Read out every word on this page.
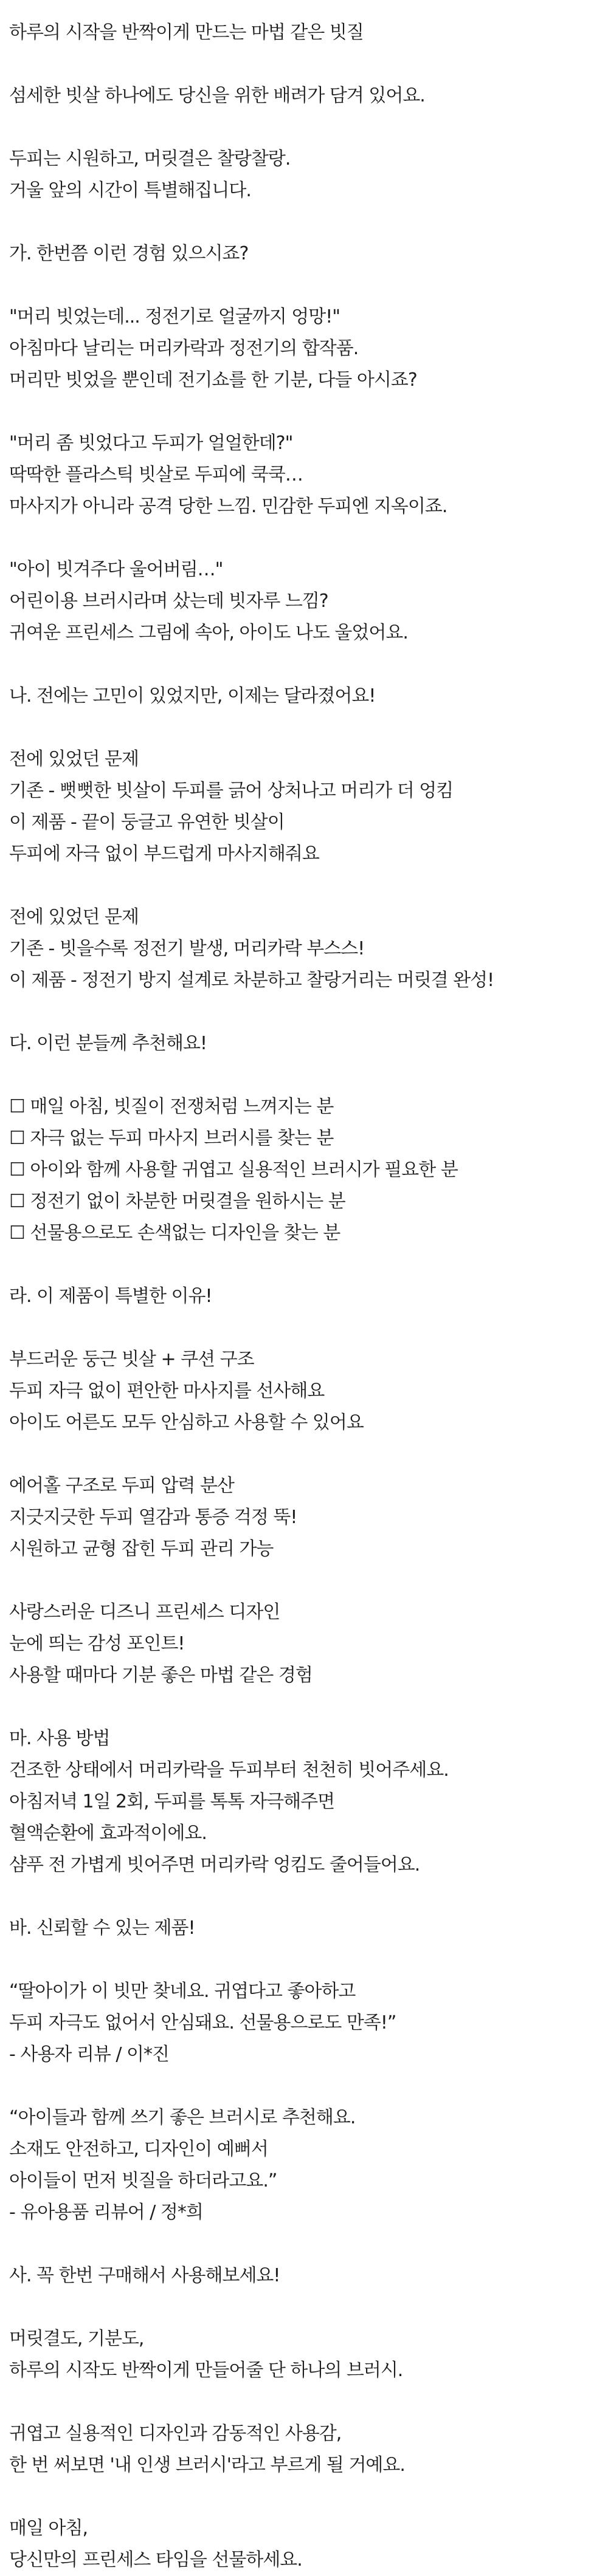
하루의 시작을 반짝이게 만드는 마법 같은 빗질
섬세한 빗살 하나에도 당신을 위한 배려가 담겨 있어요.
두피는 시원하고, 머릿결은 찰랑찰랑.
거울 앞의 시간이 특별해집니다.
가. 한번쯤 이런 경험 있으시죠?
"머리 빗었는데... 정전기로 얼굴까지 엉망!"
아침마다 날리는 머리카락과 정전기의 합작품.
머리만 빗었을 뿐인데 전기쇼를 한 기분, 다들 아시죠?
"머리 좀 빗었다고 두피가 얼얼한데?"
딱딱한 플라스틱 빗살로 두피에 쿡쿡…
마사지가 아니라 공격 당한 느낌. 민감한 두피엔 지옥이죠.
"아이 빗겨주다 울어버림…"
어린이용 브러시라며 샀는데 빗자루 느낌?
귀여운 프린세스 그림에 속아, 아이도 나도 울었어요.
나. 전에는 고민이 있었지만, 이제는 달라졌어요!
전에 있었던 문제
기존 - 뻣뻣한 빗살이 두피를 긁어 상처나고 머리가 더 엉킴
이 제품 - 끝이 둥글고 유연한 빗살이
두피에 자극 없이 부드럽게 마사지해줘요
전에 있었던 문제
기존 - 빗을수록 정전기 발생, 머리카락 부스스!
이 제품 - 정전기 방지 설계로 차분하고 찰랑거리는 머릿결 완성!
다. 이런 분들께 추천해요!
☐ 매일 아침, 빗질이 전쟁처럼 느껴지는 분
☐ 자극 없는 두피 마사지 브러시를 찾는 분
☐ 아이와 함께 사용할 귀엽고 실용적인 브러시가 필요한 분
☐ 정전기 없이 차분한 머릿결을 원하시는 분
☐ 선물용으로도 손색없는 디자인을 찾는 분
라. 이 제품이 특별한 이유!
부드러운 둥근 빗살 + 쿠션 구조
두피 자극 없이 편안한 마사지를 선사해요
아이도 어른도 모두 안심하고 사용할 수 있어요
에어홀 구조로 두피 압력 분산
지긋지긋한 두피 열감과 통증 걱정 뚝!
시원하고 균형 잡힌 두피 관리 가능
사랑스러운 디즈니 프린세스 디자인
눈에 띄는 감성 포인트!
사용할 때마다 기분 좋은 마법 같은 경험
마. 사용 방법
건조한 상태에서 머리카락을 두피부터 천천히 빗어주세요.
아침저녁 1일 2회, 두피를 톡톡 자극해주면
혈액순환에 효과적이에요.
샴푸 전 가볍게 빗어주면 머리카락 엉킴도 줄어들어요.
바. 신뢰할 수 있는 제품!
“딸아이가 이 빗만 찾네요. 귀엽다고 좋아하고
두피 자극도 없어서 안심돼요. 선물용으로도 만족!”
- 사용자 리뷰 / 이*진
“아이들과 함께 쓰기 좋은 브러시로 추천해요.
소재도 안전하고, 디자인이 예뻐서
아이들이 먼저 빗질을 하더라고요.”
- 유아용품 리뷰어 / 정*희
사. 꼭 한번 구매해서 사용해보세요!
머릿결도, 기분도,
하루의 시작도 반짝이게 만들어줄 단 하나의 브러시.
귀엽고 실용적인 디자인과 감동적인 사용감,
한 번 써보면 '내 인생 브러시'라고 부르게 될 거예요.
매일 아침,
당신만의 프린세스 타임을 선물하세요.
